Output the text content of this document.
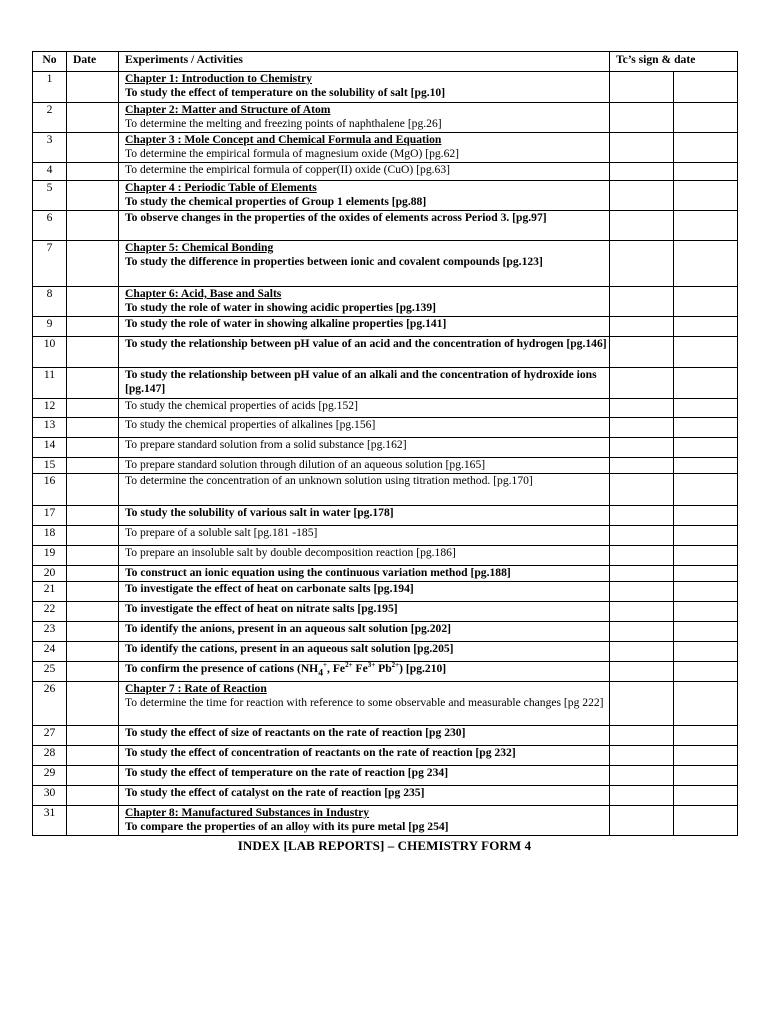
No	Date	Experiments / Activities	Tc’s sign & date	
1		Chapter 1: Introduction to Chemistry
To study the effect of temperature on the solubility of salt [pg.10]		

2		Chapter 2: Matter and Structure of Atom
To determine the melting and freezing points of naphthalene [pg.26]		

3		Chapter 3 : Mole Concept and Chemical Formula and Equation
To determine the empirical formula of magnesium oxide (MgO) [pg.62]		

4		To determine the empirical formula of copper(II) oxide (CuO) [pg.63]		

5		Chapter 4 : Periodic Table of Elements
To study the chemical properties of Group 1 elements [pg.88]		

6		To observe changes in the properties of the oxides of elements across Period 3. [pg.97]		

7		Chapter 5: Chemical Bonding
To study the difference in properties between ionic and covalent compounds [pg.123]		

8		Chapter 6: Acid, Base and Salts
To study the role of water in showing acidic properties [pg.139]		

9		To study the role of water in showing alkaline properties [pg.141]		

10		To study the relationship between pH value of an acid and the concentration of hydrogen [pg.146]		

11		To study the relationship between pH value of an alkali and the concentration of hydroxide ions [pg.147]		

12		To study the chemical properties of acids [pg.152]		

13		To study the chemical properties of alkalines [pg.156]		

14		To prepare standard solution from a solid substance [pg.162]		

15		To prepare standard solution through dilution of an aqueous solution [pg.165]		

16		To determine the concentration of an unknown solution using titration method. [pg.170]		

17		To study the solubility of various salt in water [pg.178]		

18		To prepare of a soluble salt [pg.181 -185]		

19		To prepare an insoluble salt by double decomposition reaction [pg.186]		

20		To construct an ionic equation using the continuous variation method [pg.188]		

21		To investigate the effect of heat on carbonate salts [pg.194]		

22		To investigate the effect of heat on nitrate salts [pg.195]		

23		To identify the anions, present in an aqueous salt solution [pg.202]		

24		To identify the cations, present in an aqueous salt solution [pg.205]		

25		To confirm the presence of cations ($NH_4^+$, $Fe^{2+}$ $Fe^{3+}$ $Pb^{2+}$) [pg.210]		

26		Chapter 7 : Rate of Reaction
To determine the time for reaction with reference to some observable and measurable changes [pg 222]		

27		To study the effect of size of reactants on the rate of reaction [pg 230]		

28		To study the effect of concentration of reactants on the rate of reaction [pg 232]		

29		To study the effect of temperature on the rate of reaction [pg 234]		

30		To study the effect of catalyst on the rate of reaction [pg 235]		

31		Chapter 8: Manufactured Substances in Industry
To compare the properties of an alloy with its pure metal [pg 254]		

INDEX [LAB REPORTS] – CHEMISTRY FORM 4
